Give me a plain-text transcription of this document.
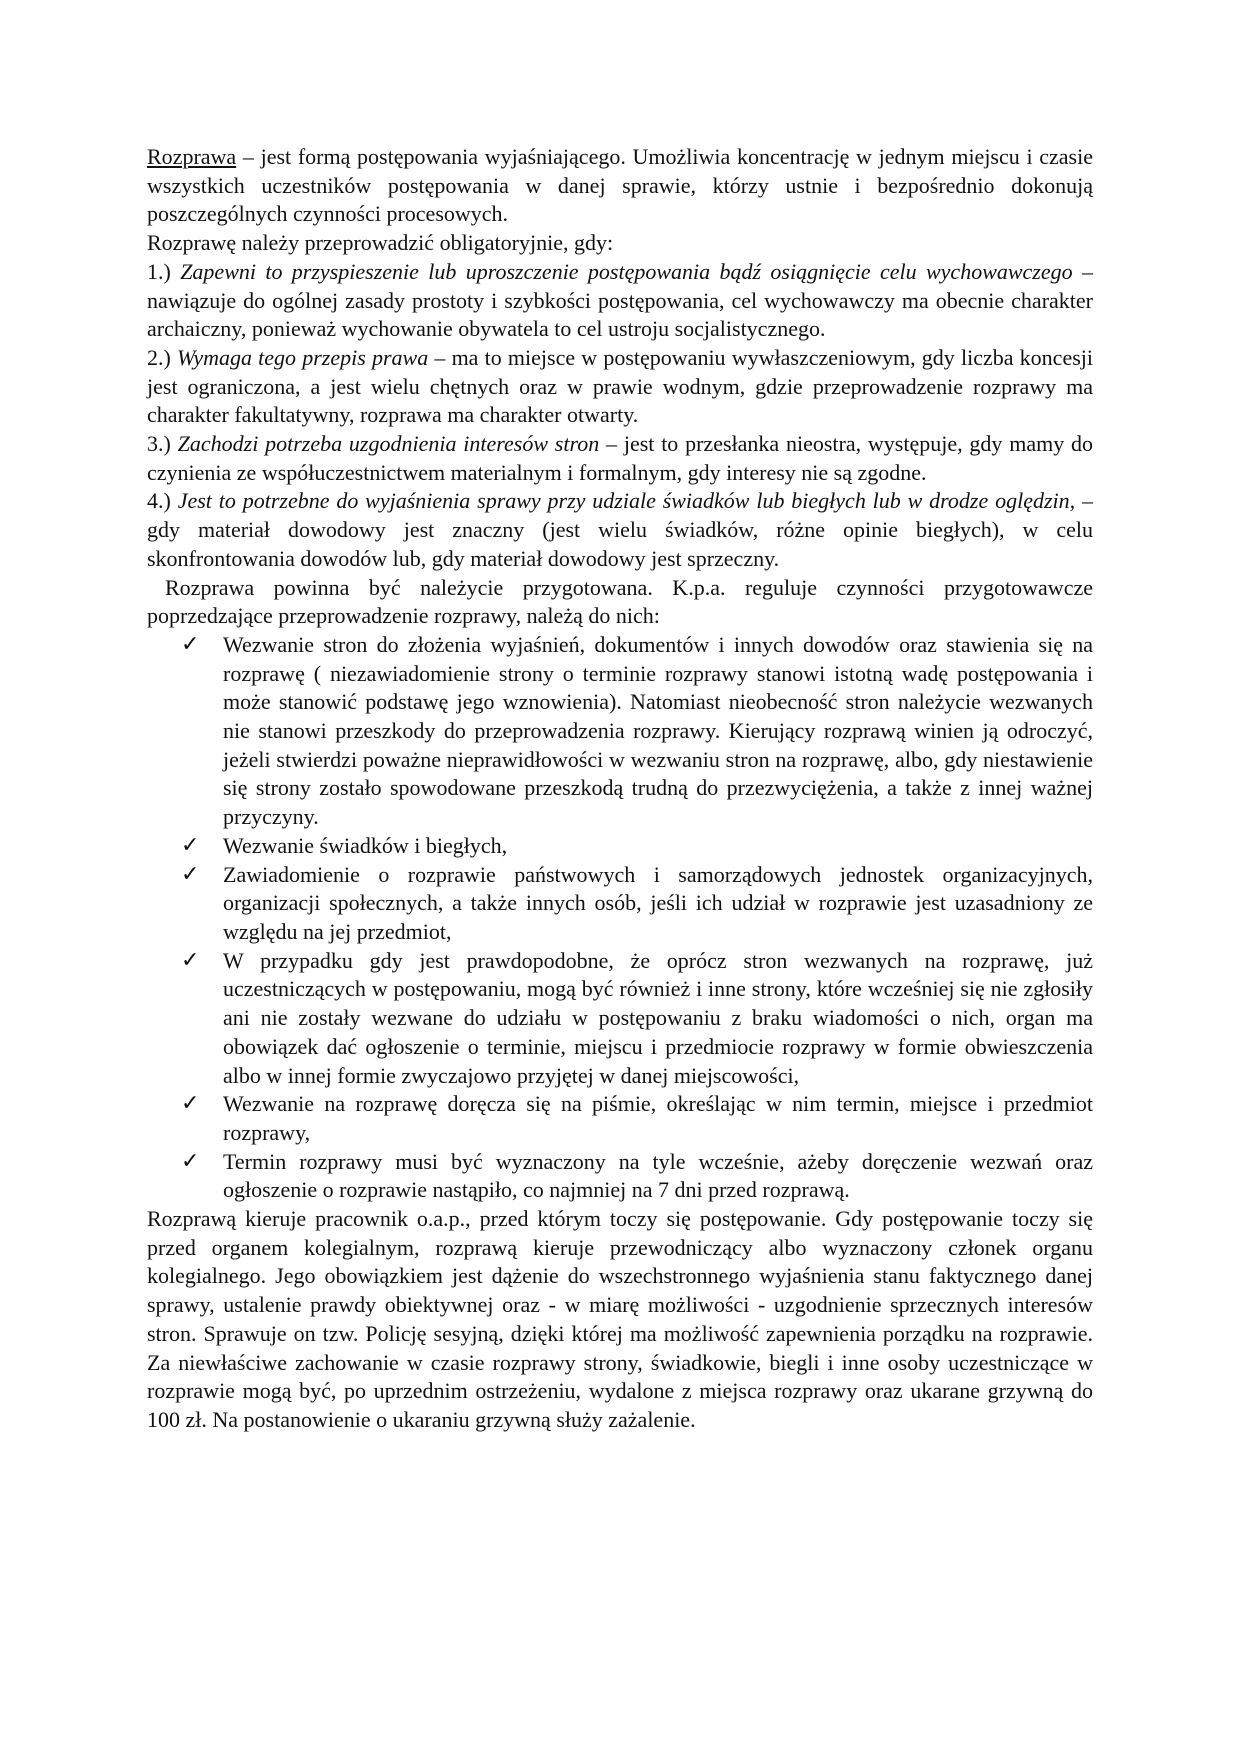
Rozprawa – jest formą postępowania wyjaśniającego. Umożliwia koncentrację w jednym miejscu i czasie wszystkich uczestników postępowania w danej sprawie, którzy ustnie i bezpośrednio dokonują poszczególnych czynności procesowych.

Rozprawę należy przeprowadzić obligatoryjnie, gdy:

1.) Zapewni to przyspieszenie lub uproszczenie postępowania bądź osiągnięcie celu wychowawczego – nawiązuje do ogólnej zasady prostoty i szybkości postępowania, cel wychowawczy ma obecnie charakter archaiczny, ponieważ wychowanie obywatela to cel ustroju socjalistycznego.

2.) Wymaga tego przepis prawa – ma to miejsce w postępowaniu wywłaszczeniowym, gdy liczba koncesji jest ograniczona, a jest wielu chętnych oraz w prawie wodnym, gdzie przeprowadzenie rozprawy ma charakter fakultatywny, rozprawa ma charakter otwarty.

3.) Zachodzi potrzeba uzgodnienia interesów stron – jest to przesłanka nieostra, występuje, gdy mamy do czynienia ze współuczestnictwem materialnym i formalnym, gdy interesy nie są zgodne.

4.) Jest to potrzebne do wyjaśnienia sprawy przy udziale świadków lub biegłych lub w drodze oględzin, – gdy materiał dowodowy jest znaczny (jest wielu świadków, różne opinie biegłych), w celu skonfrontowania dowodów lub, gdy materiał dowodowy jest sprzeczny.

Rozprawa powinna być należycie przygotowana. K.p.a. reguluje czynności przygotowawcze poprzedzające przeprowadzenie rozprawy, należą do nich:

✓ Wezwanie stron do złożenia wyjaśnień, dokumentów i innych dowodów oraz stawienia się na rozprawę ( niezawiadomienie strony o terminie rozprawy stanowi istotną wadę postępowania i może stanowić podstawę jego wznowienia). Natomiast nieobecność stron należycie wezwanych nie stanowi przeszkody do przeprowadzenia rozprawy. Kierujący rozprawą winien ją odroczyć, jeżeli stwierdzi poważne nieprawidłowości w wezwaniu stron na rozprawę, albo, gdy niestawienie się strony zostało spowodowane przeszkodą trudną do przezwyciężenia, a także z innej ważnej przyczyny.
✓ Wezwanie świadków i biegłych,
✓ Zawiadomienie o rozprawie państwowych i samorządowych jednostek organizacyjnych, organizacji społecznych, a także innych osób, jeśli ich udział w rozprawie jest uzasadniony ze względu na jej przedmiot,
✓ W przypadku gdy jest prawdopodobne, że oprócz stron wezwanych na rozprawę, już uczestniczących w postępowaniu, mogą być również i inne strony, które wcześniej się nie zgłosiły ani nie zostały wezwane do udziału w postępowaniu z braku wiadomości o nich, organ ma obowiązek dać ogłoszenie o terminie, miejscu i przedmiocie rozprawy w formie obwieszczenia albo w innej formie zwyczajowo przyjętej w danej miejscowości,
✓ Wezwanie na rozprawę doręcza się na piśmie, określając w nim termin, miejsce i przedmiot rozprawy,
✓ Termin rozprawy musi być wyznaczony na tyle wcześnie, ażeby doręczenie wezwań oraz ogłoszenie o rozprawie nastąpiło, co najmniej na 7 dni przed rozprawą.

Rozprawą kieruje pracownik o.a.p., przed którym toczy się postępowanie. Gdy postępowanie toczy się przed organem kolegialnym, rozprawą kieruje przewodniczący albo wyznaczony członek organu kolegialnego. Jego obowiązkiem jest dążenie do wszechstronnego wyjaśnienia stanu faktycznego danej sprawy, ustalenie prawdy obiektywnej oraz - w miarę możliwości - uzgodnienie sprzecznych interesów stron. Sprawuje on tzw. Policję sesyjną, dzięki której ma możliwość zapewnienia porządku na rozprawie. Za niewłaściwe zachowanie w czasie rozprawy strony, świadkowie, biegli i inne osoby uczestniczące w rozprawie mogą być, po uprzednim ostrzeżeniu, wydalone z miejsca rozprawy oraz ukarane grzywną do 100 zł. Na postanowienie o ukaraniu grzywną służy zażalenie.
